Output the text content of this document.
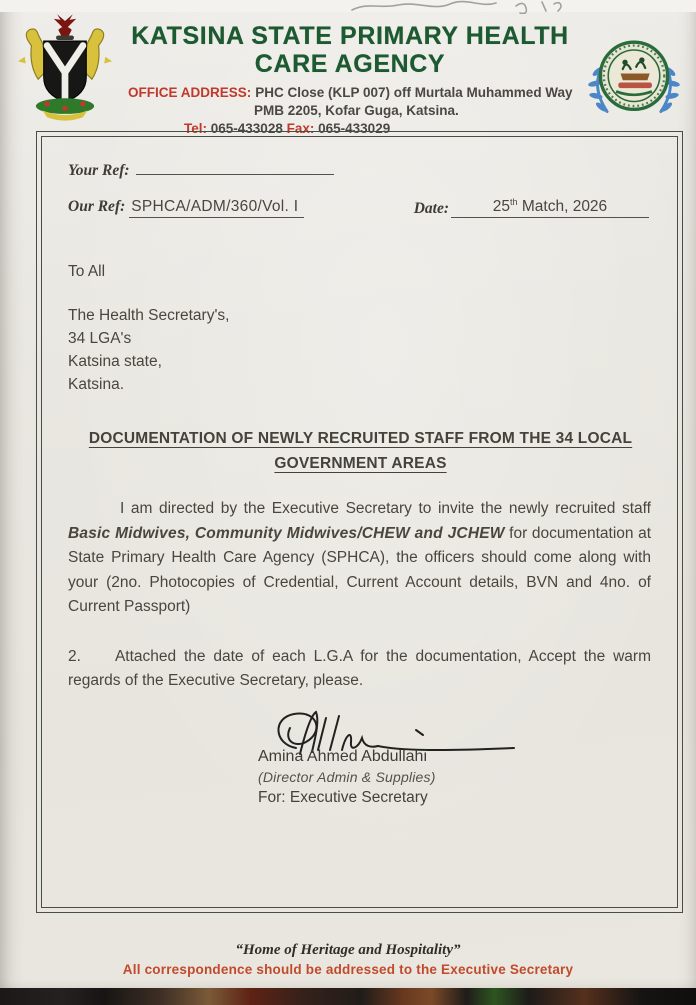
KATSINA STATE PRIMARY HEALTH
CARE AGENCY
OFFICE ADDRESS: PHC Close (KLP 007) off Murtala Muhammed Way
PMB 2205, Kofar Guga, Katsina.
Tel: 065-433028 Fax: 065-433029
Your Ref:
Our Ref: SPHCA/ADM/360/Vol. I	Date:	25th Match, 2026
To All
The Health Secretary's,
34 LGA's
Katsina state,
Katsina.
DOCUMENTATION OF NEWLY RECRUITED STAFF FROM THE 34 LOCAL
GOVERNMENT AREAS

I am directed by the Executive Secretary to invite the newly recruited staff Basic Midwives, Community Midwives/CHEW and JCHEW for documentation at State Primary Health Care Agency (SPHCA), the officers should come along with your (2no. Photocopies of Credential, Current Account details, BVN and 4no. of Current Passport)

2. Attached the date of each L.G.A for the documentation, Accept the warm regards of the Executive Secretary, please.

Amina Ahmed Abdullahi
(Director Admin & Supplies)
For: Executive Secretary
“Home of Heritage and Hospitality”
All correspondence should be addressed to the Executive Secretary
